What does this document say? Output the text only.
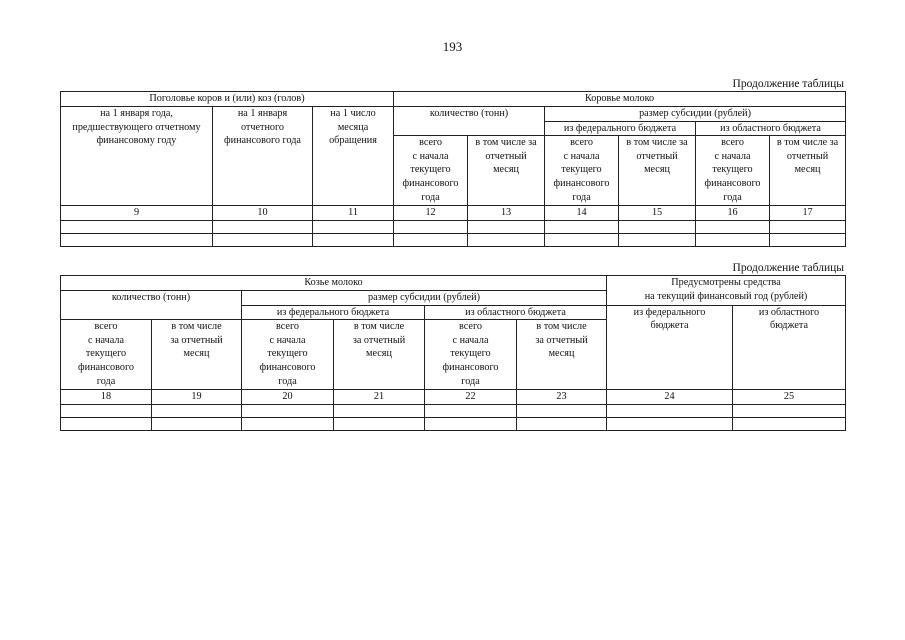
193
Продолжение таблицы
Поголовье коров и (или) коз (голов)			Коровье молоко					
на 1 января года,
предшествующего отчетному
финансовому году	на 1 января
отчетного
финансового года	на 1 число
месяца
обращения	количество (тонн)		размер субсидии (рублей)			
					из федерального бюджета		из областного бюджета	
			всего
с начала
текущего
финансового
года	в том числе за
отчетный
месяц	всего
с начала
текущего
финансового
года	в том числе за
отчетный
месяц	всего
с начала
текущего
финансового
года	в том числе за
отчетный
месяц
9	10	11	12	13	14	15	16	17

Продолжение таблицы
Козье молоко						Предусмотрены средства
на текущий финансовый год (рублей)	
количество (тонн)		размер субсидии (рублей)					
		из федерального бюджета		из областного бюджета		из федерального
бюджета	из областного
бюджета
всего
с начала
текущего
финансового
года	в том числе
за отчетный
месяц	всего
с начала
текущего
финансового
года	в том числе
за отчетный
месяц	всего
с начала
текущего
финансового
года	в том числе
за отчетный
месяц		
18	19	20	21	22	23	24	25
